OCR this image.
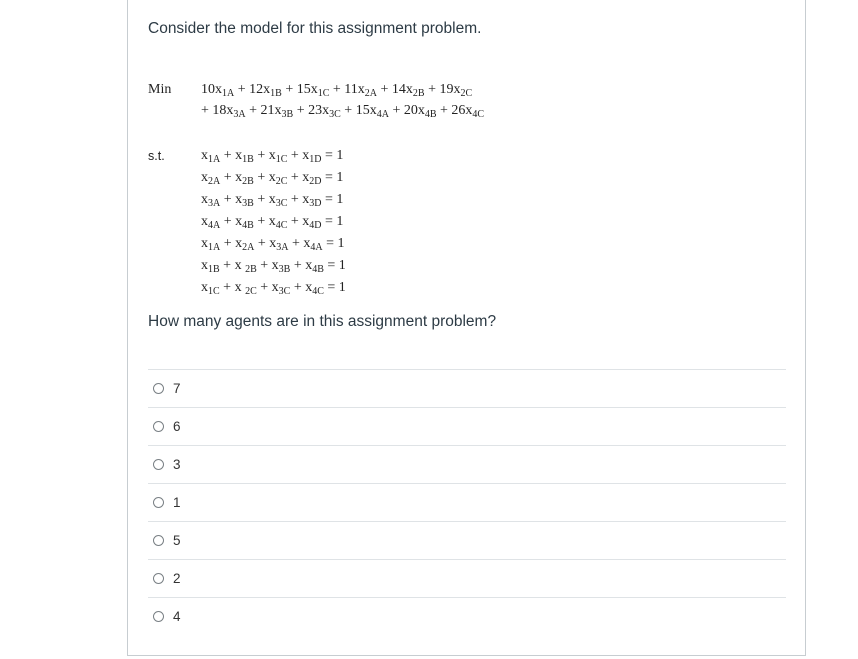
Consider the model for this assignment problem.
Min $10x_{1A} + 12x_{1B} + 15x_{1C} + 11x_{2A} + 14x_{2B} + 19x_{2C}$
+ $18x_{3A} + 21x_{3B} + 23x_{3C} + 15x_{4A} + 20x_{4B} + 26x_{4C}$
s.t.	$x_{1A} + x_{1B} + x_{1C} + x_{1D} = 1$
$x_{2A} + x_{2B} + x_{2C} + x_{2D} = 1$
$x_{3A} + x_{3B} + x_{3C} + x_{3D} = 1$
$x_{4A} + x_{4B} + x_{4C} + x_{4D} = 1$
$x_{1A} + x_{2A} + x_{3A} + x_{4A} = 1$
$x_{1B} + x$ $_{2B} + x_{3B} + x_{4B} = 1$
$x_{1C} + x$ $_{2C} + x_{3C} + x_{4C} = 1$
How many agents are in this assignment problem?
7
6
3
1
5
2
4
